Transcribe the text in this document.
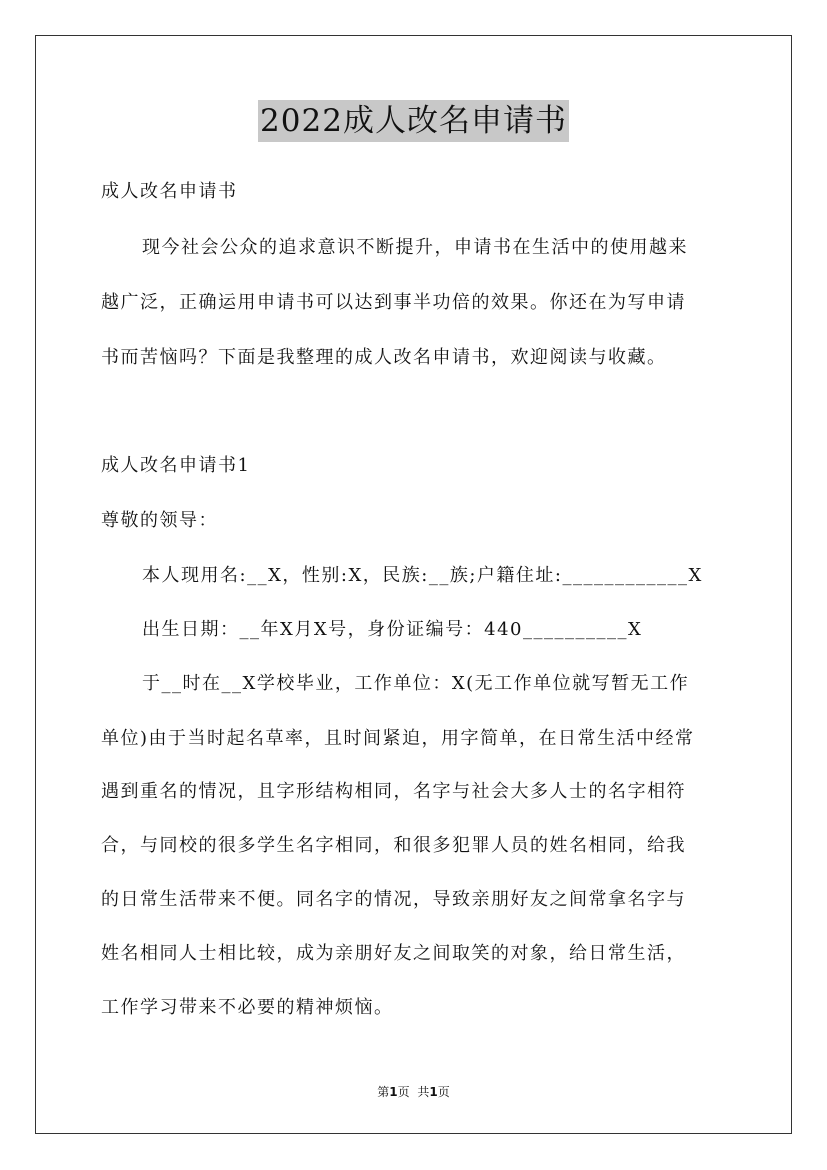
2022成人改名申请书
成人改名申请书
现今社会公众的追求意识不断提升，申请书在生活中的使用越来
越广泛，正确运用申请书可以达到事半功倍的效果。你还在为写申请
书而苦恼吗？下面是我整理的成人改名申请书，欢迎阅读与收藏。
成人改名申请书1
尊敬的领导：
本人现用名:__X，性别:X，民族:__族;户籍住址:____________X
出生日期：__年X月X号，身份证编号：440__________X
于__时在__X学校毕业，工作单位：X(无工作单位就写暂无工作
单位)由于当时起名草率，且时间紧迫，用字简单，在日常生活中经常
遇到重名的情况，且字形结构相同，名字与社会大多人士的名字相符
合，与同校的很多学生名字相同，和很多犯罪人员的姓名相同，给我
的日常生活带来不便。同名字的情况，导致亲朋好友之间常拿名字与
姓名相同人士相比较，成为亲朋好友之间取笑的对象，给日常生活，
工作学习带来不必要的精神烦恼。
第1页 共1页
